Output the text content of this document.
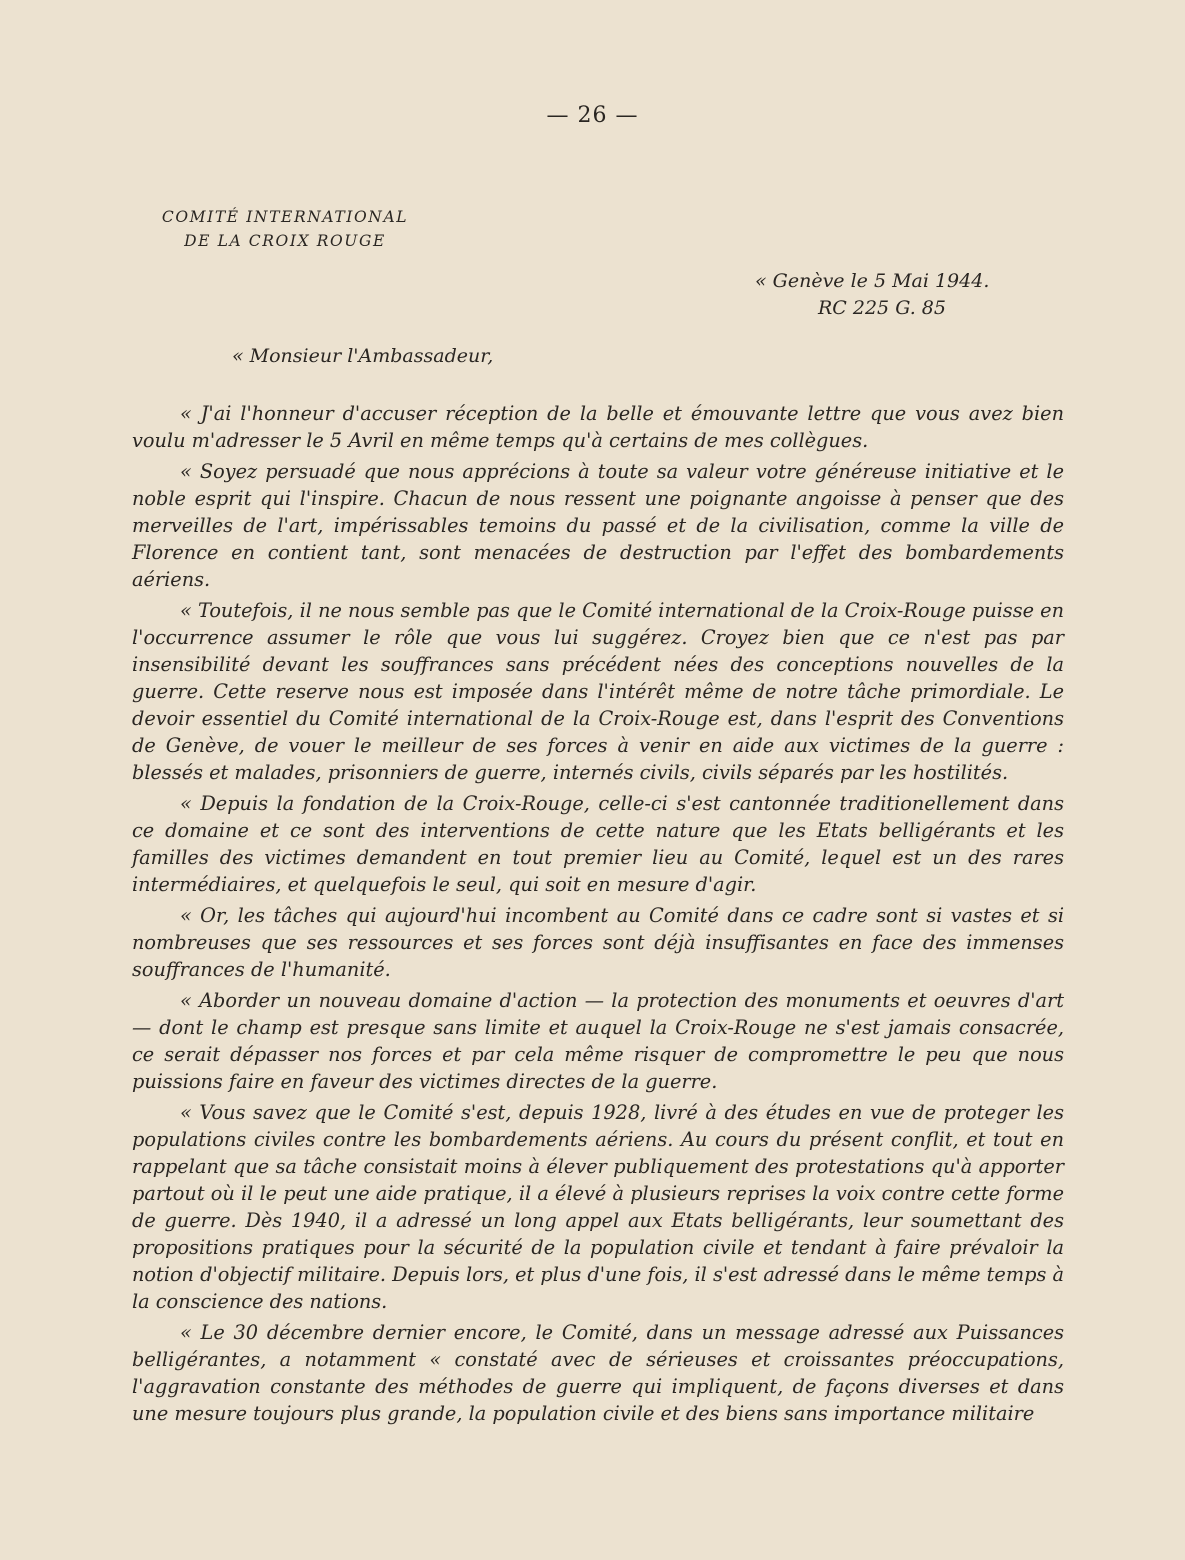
— 26 —
COMITÉ INTERNATIONAL
DE LA CROIX ROUGE
« Genève le 5 Mai 1944.
RC 225 G. 85
« Monsieur l'Ambassadeur,

« J'ai l'honneur d'accuser réception de la belle et émouvante lettre que vous avez bien voulu m'adresser le 5 Avril en même temps qu'à certains de mes collègues.

« Soyez persuadé que nous apprécions à toute sa valeur votre généreuse initiative et le noble esprit qui l'inspire. Chacun de nous ressent une poignante angoisse à penser que des merveilles de l'art, impérissables temoins du passé et de la civilisation, comme la ville de Florence en contient tant, sont menacées de destruction par l'effet des bombardements aériens.

« Toutefois, il ne nous semble pas que le Comité international de la Croix-Rouge puisse en l'occurrence assumer le rôle que vous lui suggérez. Croyez bien que ce n'est pas par insensibilité devant les souffrances sans précédent nées des conceptions nouvelles de la guerre. Cette reserve nous est imposée dans l'intérêt même de notre tâche primordiale. Le devoir essentiel du Comité international de la Croix-Rouge est, dans l'esprit des Conventions de Genève, de vouer le meilleur de ses forces à venir en aide aux victimes de la guerre : blessés et malades, prisonniers de guerre, internés civils, civils séparés par les hostilités.

« Depuis la fondation de la Croix-Rouge, celle-ci s'est cantonnée traditionellement dans ce domaine et ce sont des interventions de cette nature que les Etats belligérants et les familles des victimes demandent en tout premier lieu au Comité, lequel est un des rares intermédiaires, et quelquefois le seul, qui soit en mesure d'agir.

« Or, les tâches qui aujourd'hui incombent au Comité dans ce cadre sont si vastes et si nombreuses que ses ressources et ses forces sont déjà insuffisantes en face des immenses souffrances de l'humanité.

« Aborder un nouveau domaine d'action — la protection des monuments et oeuvres d'art — dont le champ est presque sans limite et auquel la Croix-Rouge ne s'est jamais consacrée, ce serait dépasser nos forces et par cela même risquer de compromettre le peu que nous puissions faire en faveur des victimes directes de la guerre.

« Vous savez que le Comité s'est, depuis 1928, livré à des études en vue de proteger les populations civiles contre les bombardements aériens. Au cours du présent conflit, et tout en rappelant que sa tâche consistait moins à élever publiquement des protestations qu'à apporter partout où il le peut une aide pratique, il a élevé à plusieurs reprises la voix contre cette forme de guerre. Dès 1940, il a adressé un long appel aux Etats belligérants, leur soumettant des propositions pratiques pour la sécurité de la population civile et tendant à faire prévaloir la notion d'objectif militaire. Depuis lors, et plus d'une fois, il s'est adressé dans le même temps à la conscience des nations.

« Le 30 décembre dernier encore, le Comité, dans un message adressé aux Puissances belligérantes, a notamment « constaté avec de sérieuses et croissantes préoccupations, l'aggravation constante des méthodes de guerre qui impliquent, de façons diverses et dans une mesure toujours plus grande, la population civile et des biens sans importance militaire
